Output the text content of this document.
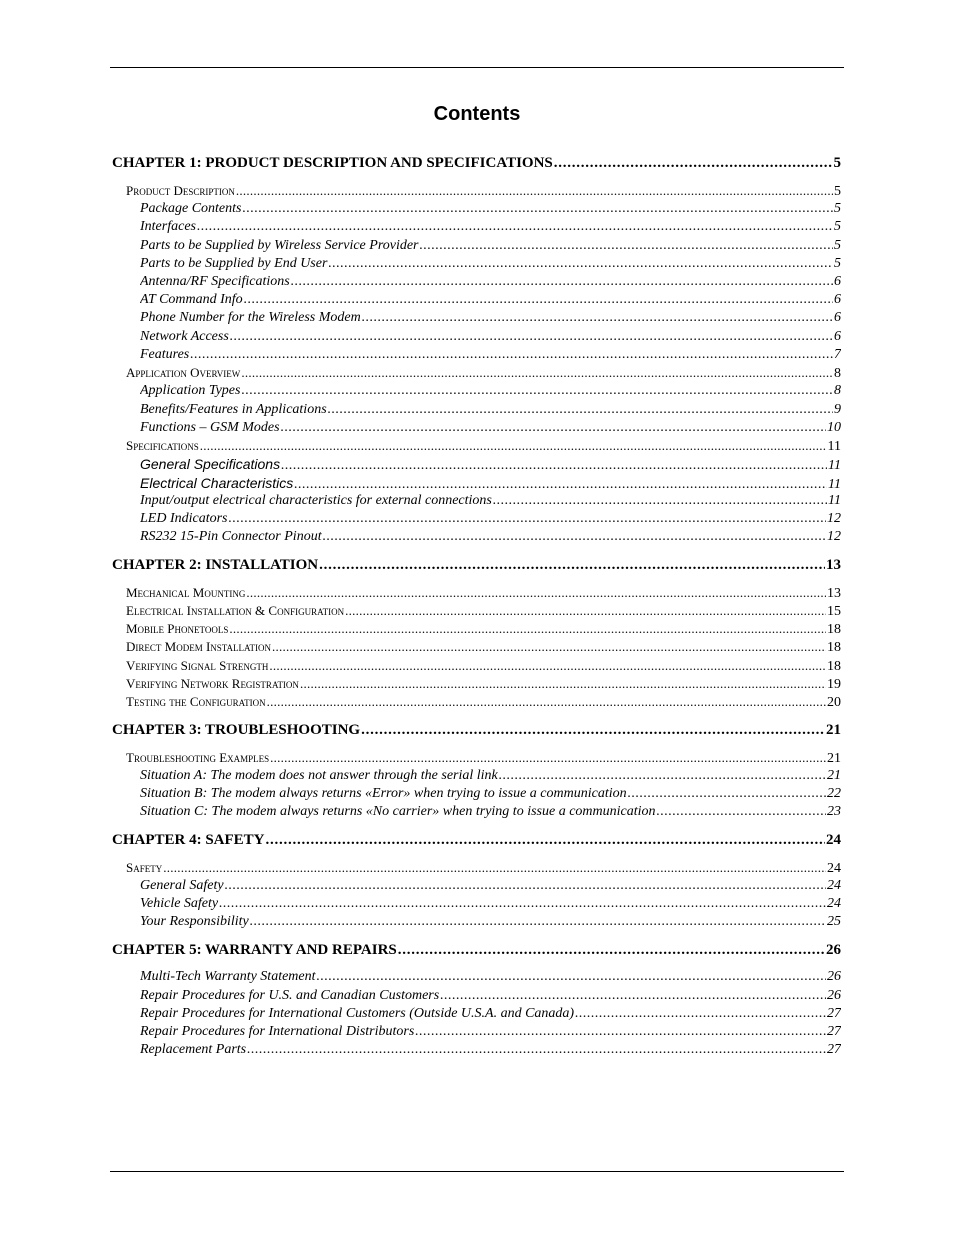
Contents
CHAPTER 1: PRODUCT DESCRIPTION AND SPECIFICATIONS . . .	5
Product Description . . .	5
Package Contents . . .	5
Interfaces . . .	5
Parts to be Supplied by Wireless Service Provider . . .	5
Parts to be Supplied by End User . . .	5
Antenna/RF Specifications . . .	6
AT Command Info . . .	6
Phone Number for the Wireless Modem . . .	6
Network Access . . .	6
Features . . .	7
Application Overview . . .	8
Application Types . . .	8
Benefits/Features in Applications . . .	9
Functions – GSM Modes . . .	10
Specifications . . .	11
General Specifications . . .	11
Electrical Characteristics . . .	11
Input/output electrical characteristics for external connections . . .	11
LED Indicators . . .	12
RS232 15-Pin Connector Pinout . . .	12
CHAPTER 2: INSTALLATION . . .	13
Mechanical Mounting . . .	13
Electrical Installation & Configuration . . .	15
Mobile Phonetools . . .	18
Direct Modem Installation . . .	18
Verifying Signal Strength . . .	18
Verifying Network Registration . . .	19
Testing the Configuration . . .	20
CHAPTER 3: TROUBLESHOOTING . . .	21
Troubleshooting Examples . . .	21
Situation A: The modem does not answer through the serial link . . .	21
Situation B: The modem always returns «Error» when trying to issue a communication . . .	22
Situation C: The modem always returns «No carrier» when trying to issue a communication . . .	23
CHAPTER 4: SAFETY . . .	24
Safety . . .	24
General Safety . . .	24
Vehicle Safety . . .	24
Your Responsibility . . .	25
CHAPTER 5: WARRANTY AND REPAIRS . . .	26
Multi-Tech Warranty Statement . . .	26
Repair Procedures for U.S. and Canadian Customers . . .	26
Repair Procedures for International Customers (Outside U.S.A. and Canada) . . .	27
Repair Procedures for International Distributors . . .	27
Replacement Parts . . .	27
